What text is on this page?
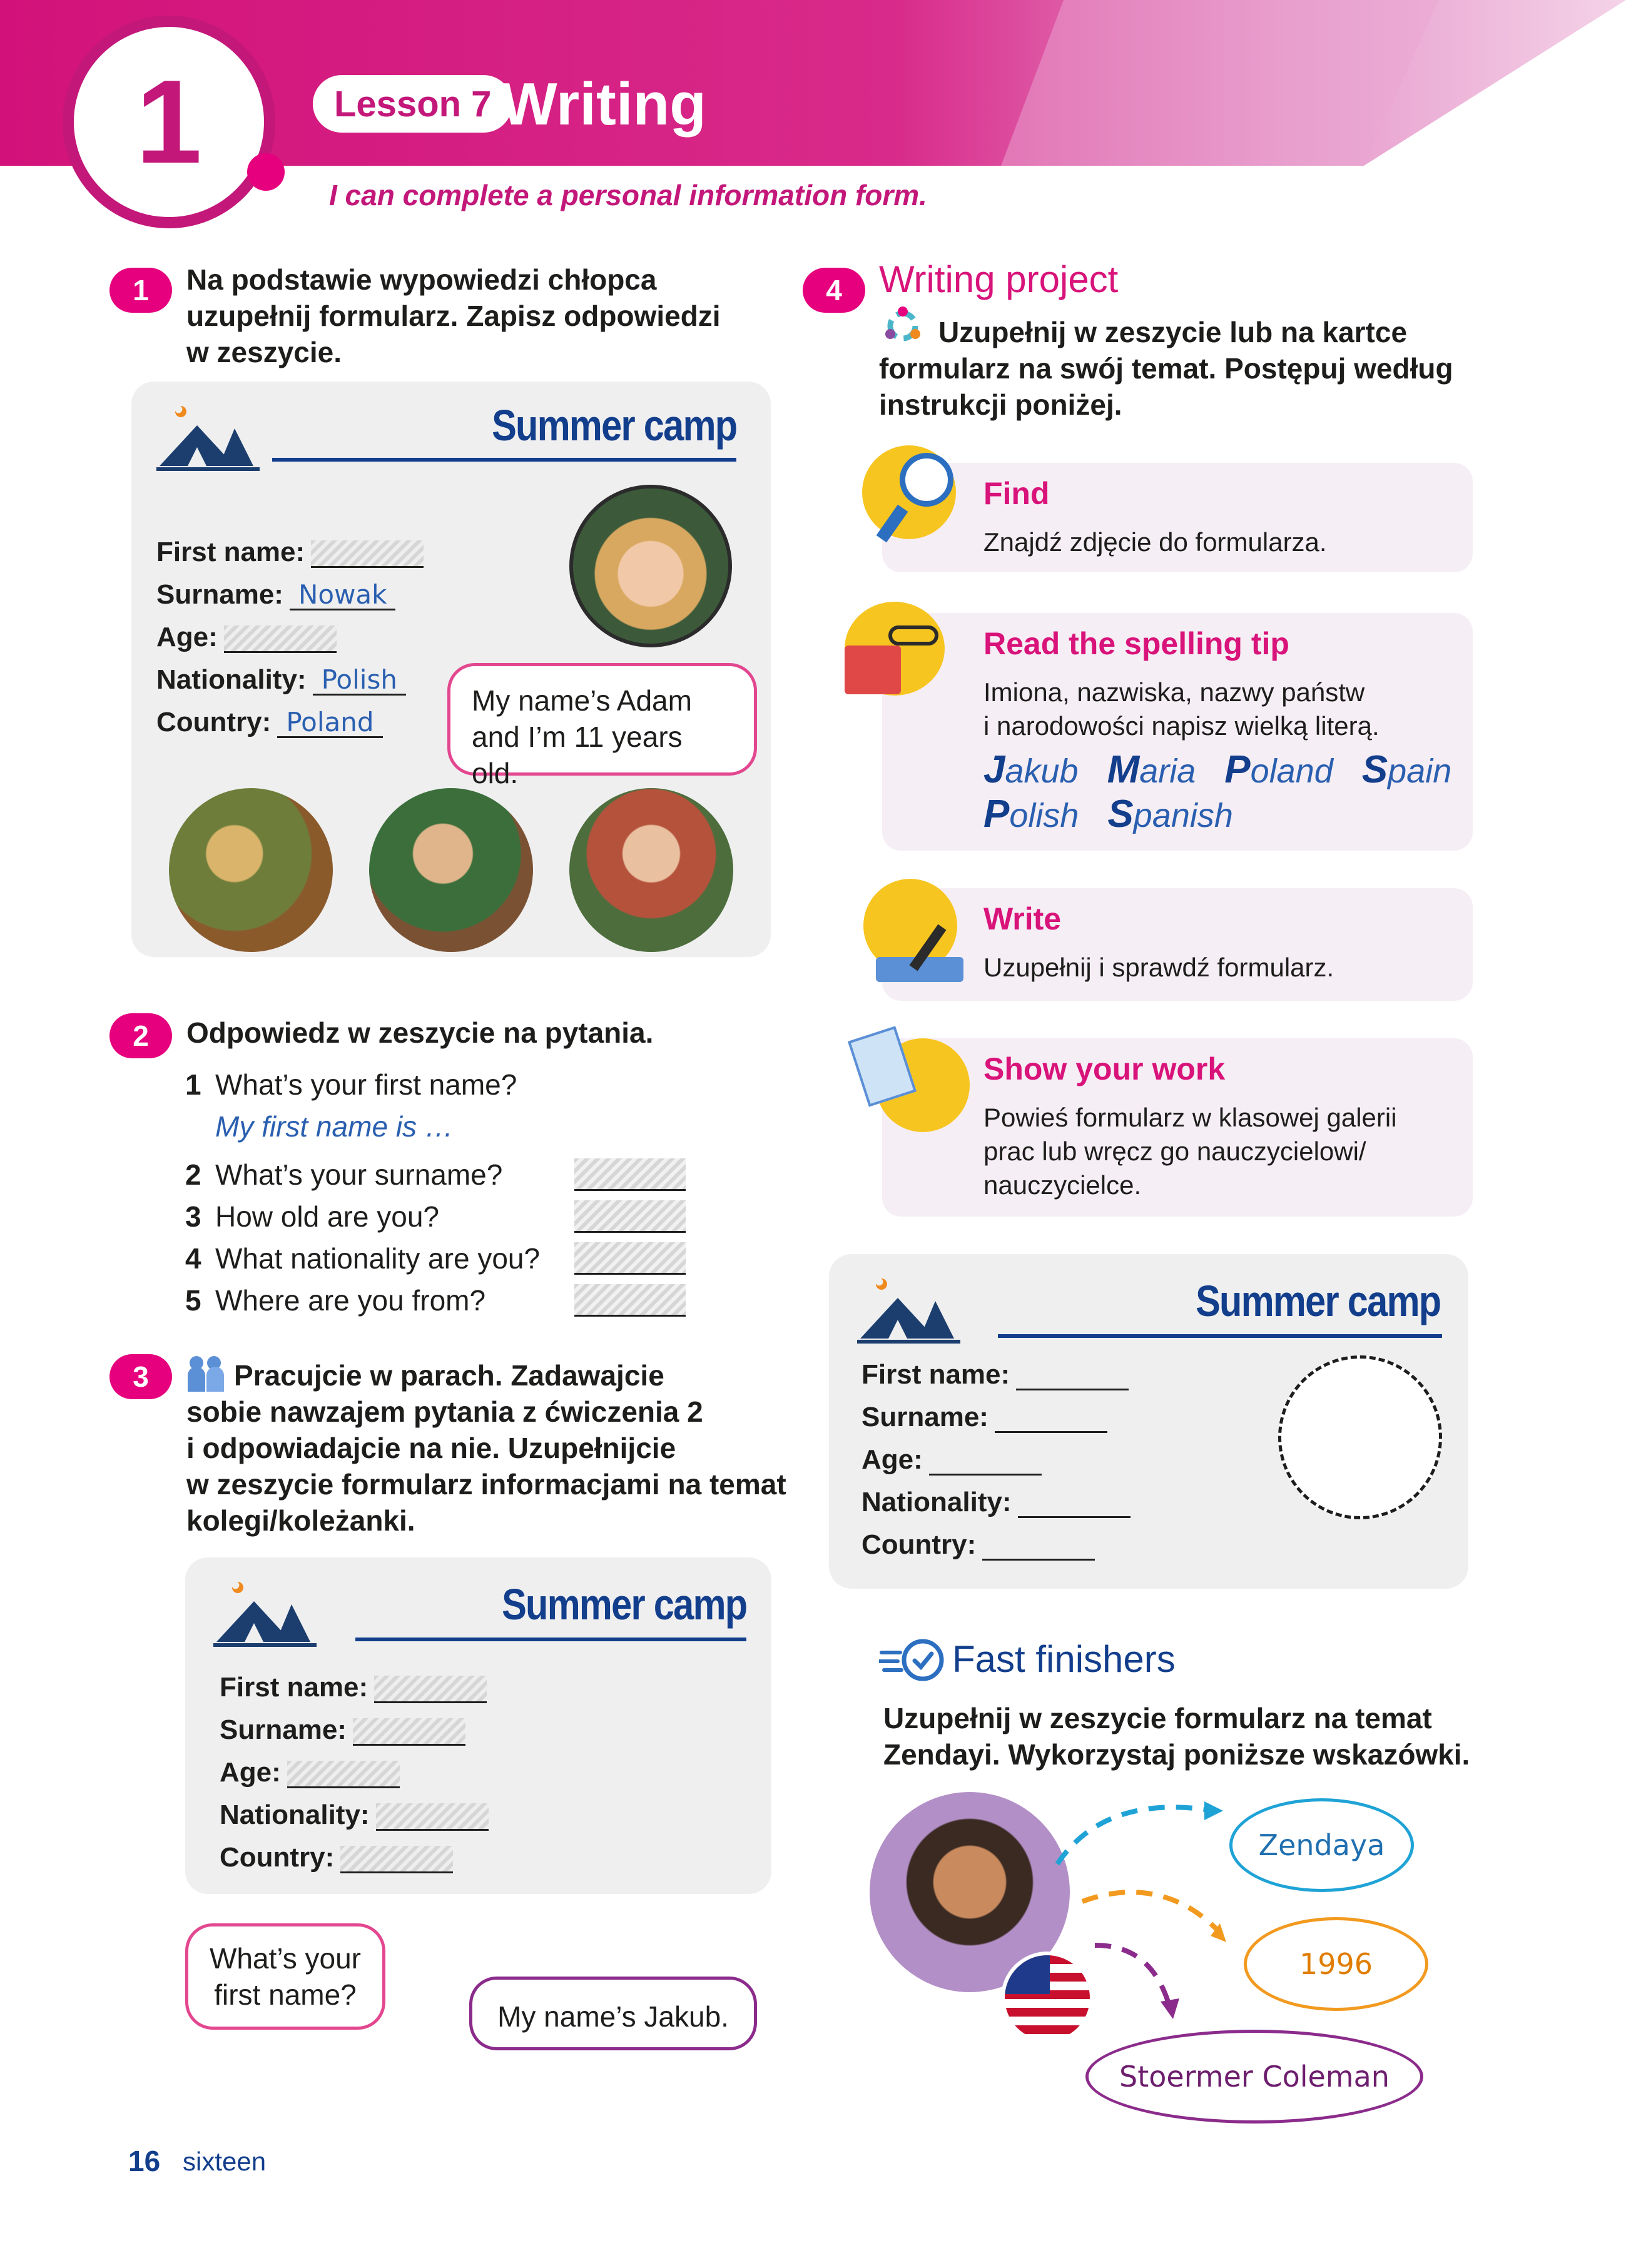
1	Lesson 7 Writing
I can complete a personal information form.
1	Na podstawie wypowiedzi chłopca
uzupełnij formularz. Zapisz odpowiedzi
w zeszycie.
Summer camp
First name:
Surname: Nowak
Age:
Nationality: Polish
Country: Poland
My name’s Adam
and I’m 11 years old.
2	Odpowiedz w zeszycie na pytania.
1 What’s your first name?
My first name is …
2 What’s your surname?
3 How old are you?
4 What nationality are you?
5 Where are you from?
3	Pracujcie w parach. Zadawajcie
sobie nawzajem pytania z ćwiczenia 2
i odpowiadajcie na nie. Uzupełnijcie
w zeszycie formularz informacjami na temat
kolegi/koleżanki.
Summer camp
First name:
Surname:
Age:
Nationality:
Country:
What’s your
first name?
My name’s Jakub.
4 Writing project
Uzupełnij w zeszycie lub na kartce
formularz na swój temat. Postępuj według
instrukcji poniżej.
Find
Znajdź zdjęcie do formularza.
Read the spelling tip
Imiona, nazwiska, nazwy państw
i narodowości napisz wielką literą.
Jakub Maria Poland Spain
Polish Spanish
Write
Uzupełnij i sprawdź formularz.
Show your work
Powieś formularz w klasowej galerii
prac lub wręcz go nauczycielowi/
nauczycielce.
Summer camp
First name:
Surname:
Age:
Nationality:
Country:
Fast finishers
Uzupełnij w zeszycie formularz na temat
Zendayi. Wykorzystaj poniższe wskazówki.
Zendaya
1996
Stoermer Coleman
16 sixteen
